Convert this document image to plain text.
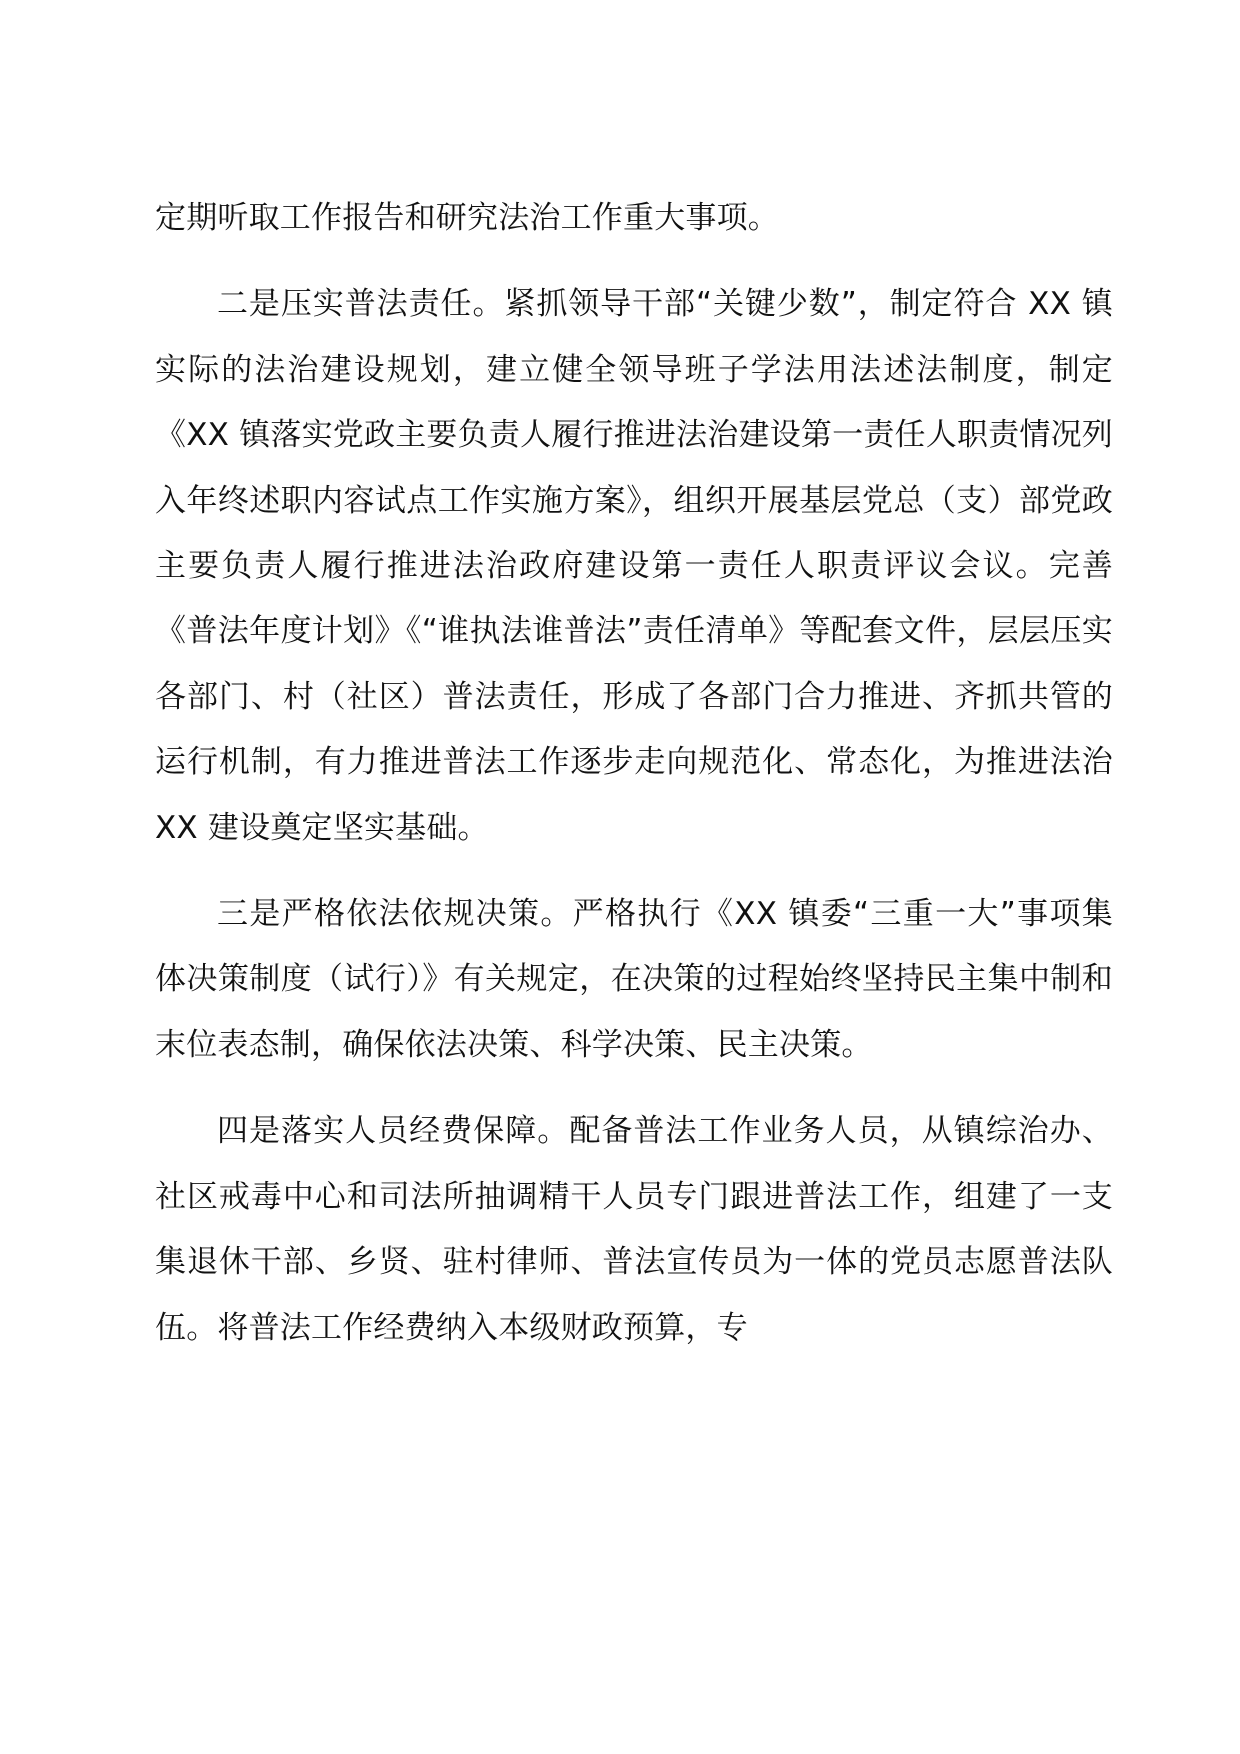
定期听取工作报告和研究法治工作重大事项。

二是压实普法责任。紧抓领导干部“关键少数”，制定符合 XX 镇实际的法治建设规划，建立健全领导班子学法用法述法制度，制定《XX 镇落实党政主要负责人履行推进法治建设第一责任人职责情况列入年终述职内容试点工作实施方案》，组织开展基层党总（支）部党政主要负责人履行推进法治政府建设第一责任人职责评议会议。完善《普法年度计划》《“谁执法谁普法”责任清单》等配套文件，层层压实各部门、村（社区）普法责任，形成了各部门合力推进、齐抓共管的运行机制，有力推进普法工作逐步走向规范化、常态化，为推进法治 XX 建设奠定坚实基础。

三是严格依法依规决策。严格执行《XX 镇委“三重一大”事项集体决策制度（试行）》有关规定，在决策的过程始终坚持民主集中制和末位表态制，确保依法决策、科学决策、民主决策。

四是落实人员经费保障。配备普法工作业务人员，从镇综治办、社区戒毒中心和司法所抽调精干人员专门跟进普法工作，组建了一支集退休干部、乡贤、驻村律师、普法宣传员为一体的党员志愿普法队伍。将普法工作经费纳入本级财政预算，专
